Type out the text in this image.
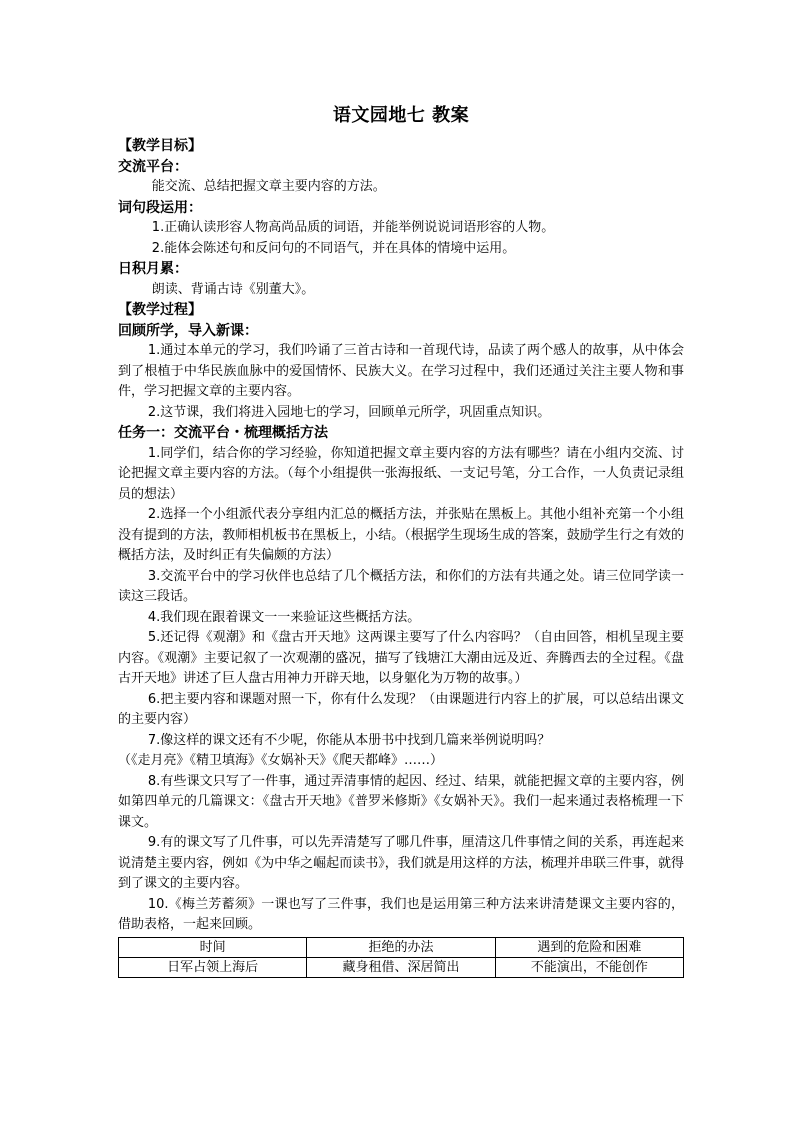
语文园地七 教案
【教学目标】
交流平台：

能交流、总结把握文章主要内容的方法。

词句段运用：

1.正确认读形容人物高尚品质的词语，并能举例说说词语形容的人物。

2.能体会陈述句和反问句的不同语气，并在具体的情境中运用。

日积月累：

朗读、背诵古诗《别董大》。

【教学过程】
回顾所学，导入新课：

1.通过本单元的学习，我们吟诵了三首古诗和一首现代诗，品读了两个感人的故事，从中体会到了根植于中华民族血脉中的爱国情怀、民族大义。在学习过程中，我们还通过关注主要人物和事件，学习把握文章的主要内容。

2.这节课，我们将进入园地七的学习，回顾单元所学，巩固重点知识。

任务一：交流平台・梳理概括方法

1.同学们，结合你的学习经验，你知道把握文章主要内容的方法有哪些？请在小组内交流、讨论把握文章主要内容的方法。（每个小组提供一张海报纸、一支记号笔，分工合作，一人负责记录组员的想法）

2.选择一个小组派代表分享组内汇总的概括方法，并张贴在黑板上。其他小组补充第一个小组没有提到的方法，教师相机板书在黑板上，小结。（根据学生现场生成的答案，鼓励学生行之有效的概括方法，及时纠正有失偏颇的方法）

3.交流平台中的学习伙伴也总结了几个概括方法，和你们的方法有共通之处。请三位同学读一读这三段话。

4.我们现在跟着课文一一来验证这些概括方法。

5.还记得《观潮》和《盘古开天地》这两课主要写了什么内容吗？（自由回答，相机呈现主要内容。《观潮》主要记叙了一次观潮的盛况，描写了钱塘江大潮由远及近、奔腾西去的全过程。《盘古开天地》讲述了巨人盘古用神力开辟天地，以身躯化为万物的故事。）

6.把主要内容和课题对照一下，你有什么发现？（由课题进行内容上的扩展，可以总结出课文的主要内容）

7.像这样的课文还有不少呢，你能从本册书中找到几篇来举例说明吗？

（《走月亮》《精卫填海》《女娲补天》《爬天都峰》……）

8.有些课文只写了一件事，通过弄清事情的起因、经过、结果，就能把握文章的主要内容，例如第四单元的几篇课文：《盘古开天地》《普罗米修斯》《女娲补天》。我们一起来通过表格梳理一下课文。

9.有的课文写了几件事，可以先弄清楚写了哪几件事，厘清这几件事情之间的关系，再连起来说清楚主要内容，例如《为中华之崛起而读书》，我们就是用这样的方法，梳理并串联三件事，就得到了课文的主要内容。

10.《梅兰芳蓄须》一课也写了三件事，我们也是运用第三种方法来讲清楚课文主要内容的，借助表格，一起来回顾。

时间	拒绝的办法	遇到的危险和困难
日军占领上海后	藏身租借、深居简出	不能演出，不能创作
